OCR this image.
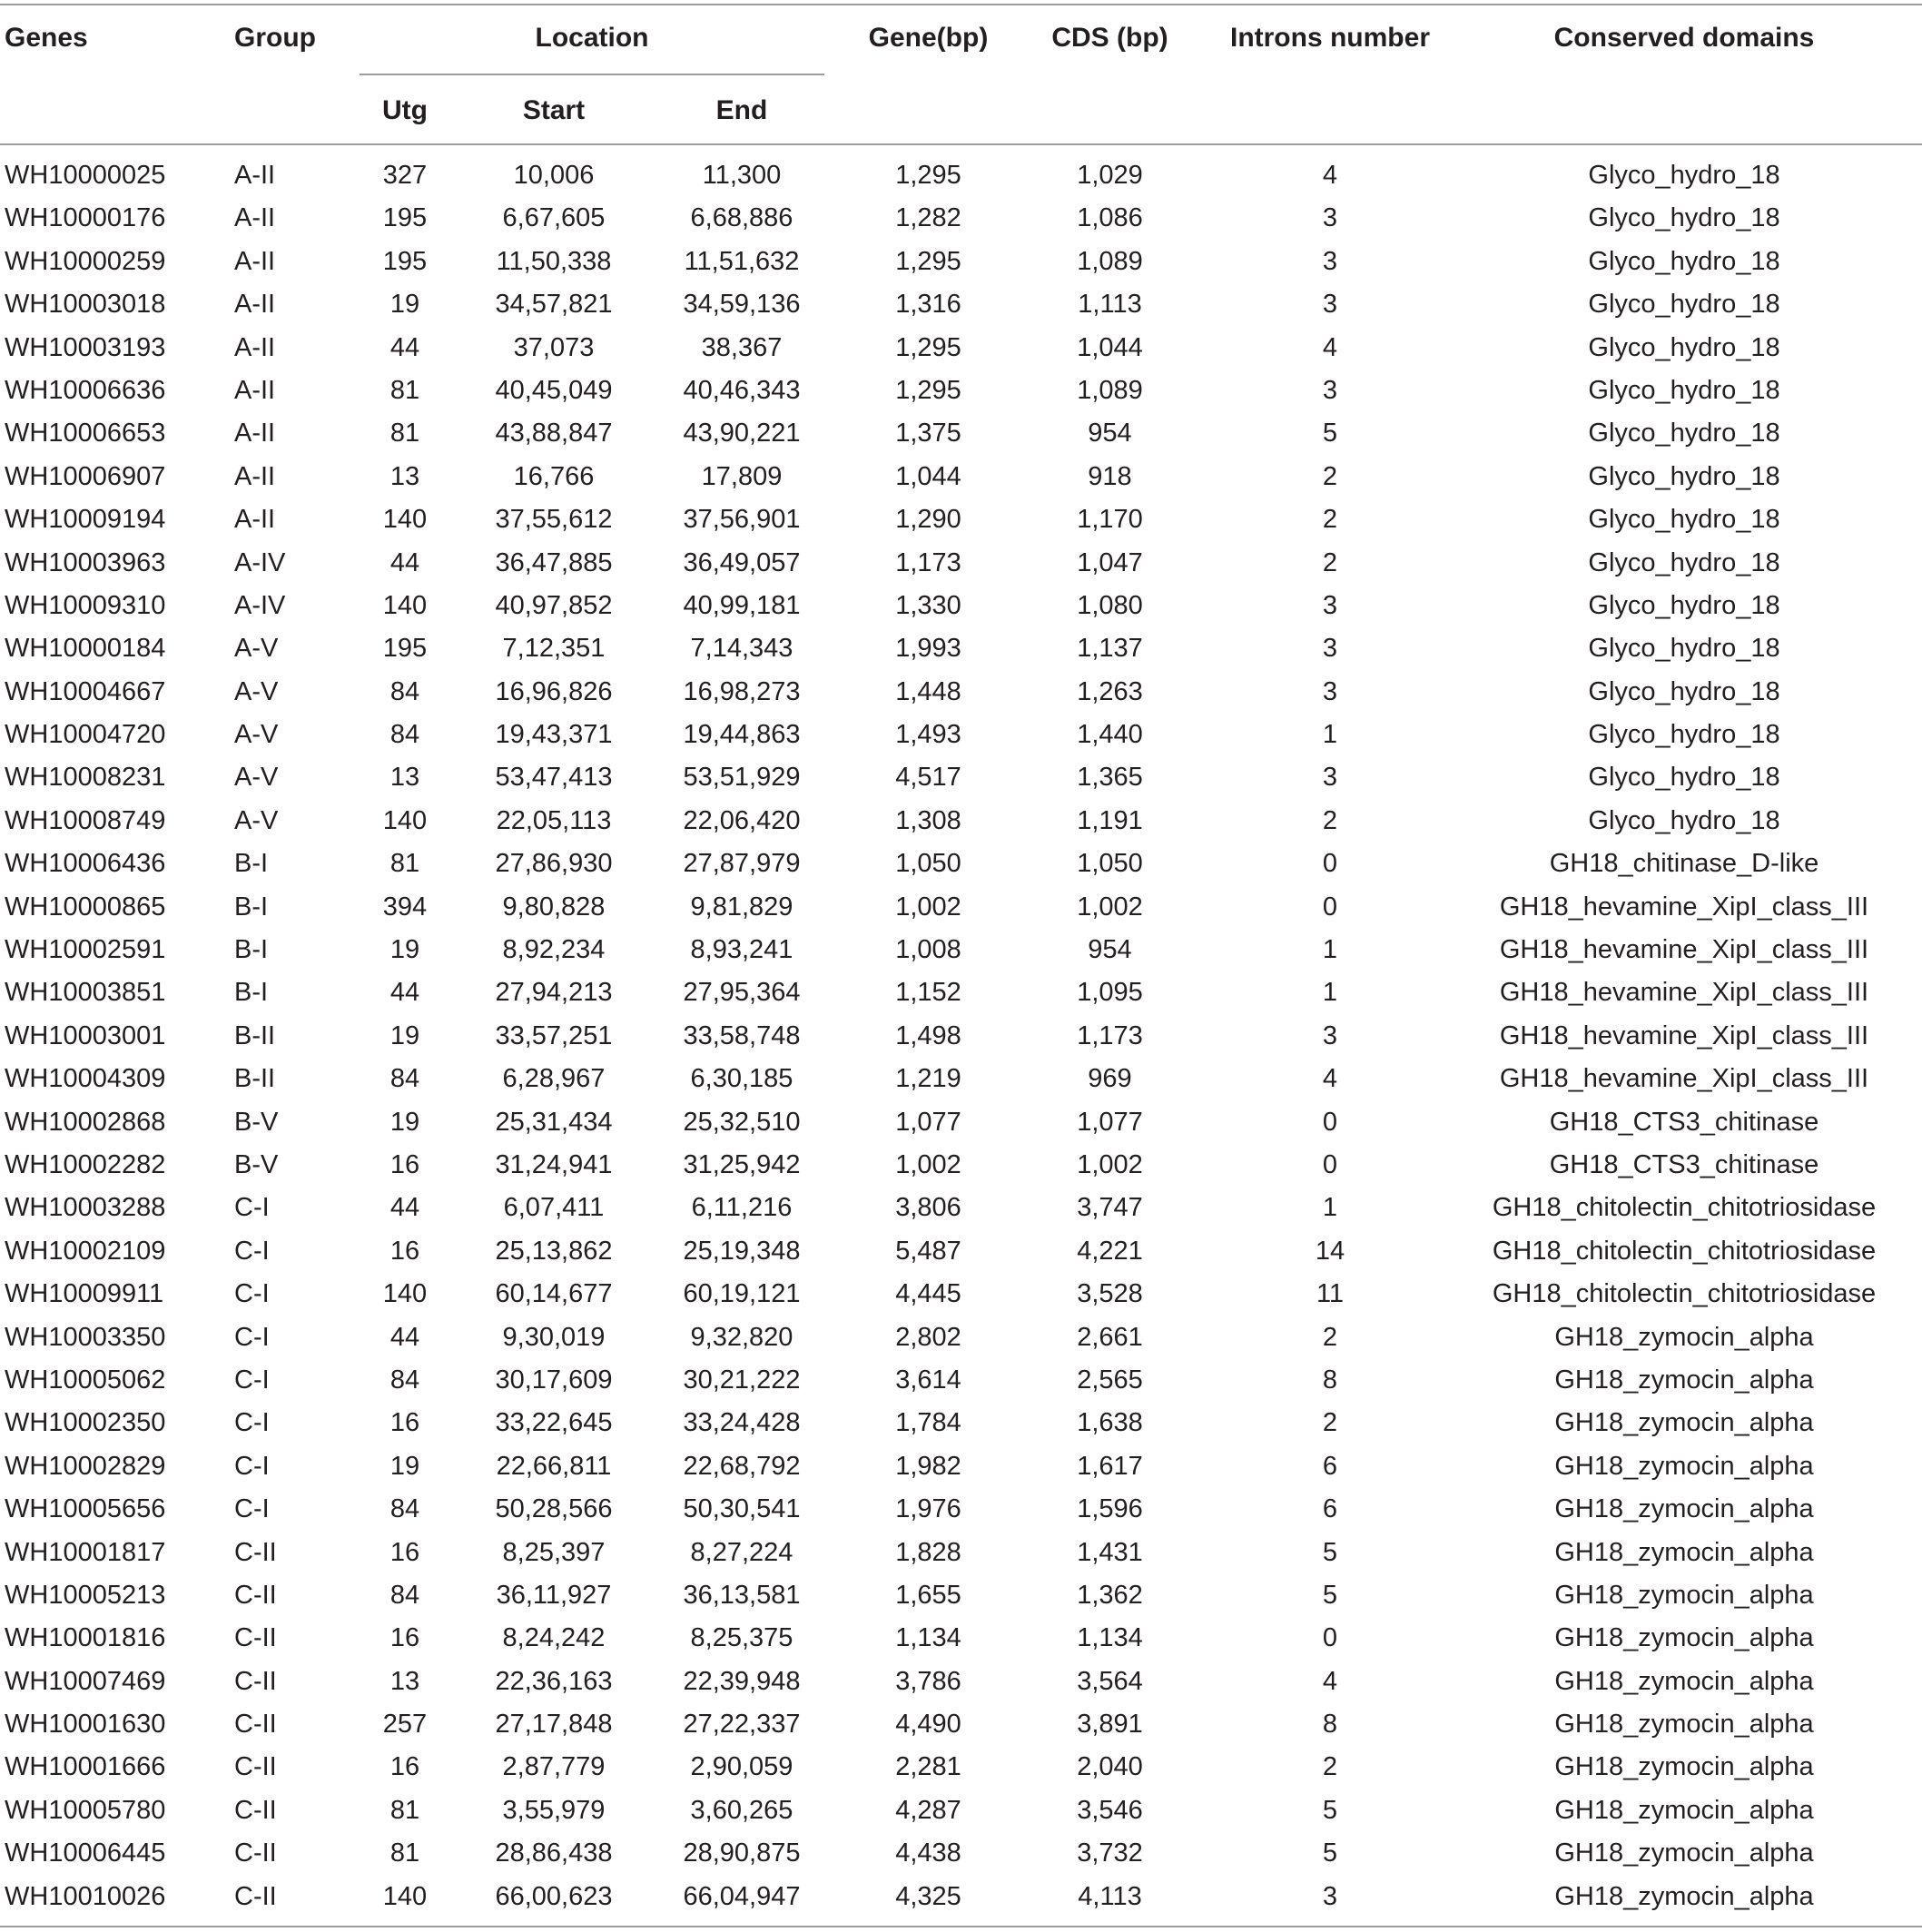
Genes	Group	Location	Gene(bp)	CDS (bp)	Introns number	Conserved domains
Utg	Start	End
WH10000025	A-II	327	10,006	11,300	1,295	1,029	4	Glyco_hydro_18
WH10000176	A-II	195	6,67,605	6,68,886	1,282	1,086	3	Glyco_hydro_18
WH10000259	A-II	195	11,50,338	11,51,632	1,295	1,089	3	Glyco_hydro_18
WH10003018	A-II	19	34,57,821	34,59,136	1,316	1,113	3	Glyco_hydro_18
WH10003193	A-II	44	37,073	38,367	1,295	1,044	4	Glyco_hydro_18
WH10006636	A-II	81	40,45,049	40,46,343	1,295	1,089	3	Glyco_hydro_18
WH10006653	A-II	81	43,88,847	43,90,221	1,375	954	5	Glyco_hydro_18
WH10006907	A-II	13	16,766	17,809	1,044	918	2	Glyco_hydro_18
WH10009194	A-II	140	37,55,612	37,56,901	1,290	1,170	2	Glyco_hydro_18
WH10003963	A-IV	44	36,47,885	36,49,057	1,173	1,047	2	Glyco_hydro_18
WH10009310	A-IV	140	40,97,852	40,99,181	1,330	1,080	3	Glyco_hydro_18
WH10000184	A-V	195	7,12,351	7,14,343	1,993	1,137	3	Glyco_hydro_18
WH10004667	A-V	84	16,96,826	16,98,273	1,448	1,263	3	Glyco_hydro_18
WH10004720	A-V	84	19,43,371	19,44,863	1,493	1,440	1	Glyco_hydro_18
WH10008231	A-V	13	53,47,413	53,51,929	4,517	1,365	3	Glyco_hydro_18
WH10008749	A-V	140	22,05,113	22,06,420	1,308	1,191	2	Glyco_hydro_18
WH10006436	B-I	81	27,86,930	27,87,979	1,050	1,050	0	GH18_chitinase_D-like
WH10000865	B-I	394	9,80,828	9,81,829	1,002	1,002	0	GH18_hevamine_XipI_class_III
WH10002591	B-I	19	8,92,234	8,93,241	1,008	954	1	GH18_hevamine_XipI_class_III
WH10003851	B-I	44	27,94,213	27,95,364	1,152	1,095	1	GH18_hevamine_XipI_class_III
WH10003001	B-II	19	33,57,251	33,58,748	1,498	1,173	3	GH18_hevamine_XipI_class_III
WH10004309	B-II	84	6,28,967	6,30,185	1,219	969	4	GH18_hevamine_XipI_class_III
WH10002868	B-V	19	25,31,434	25,32,510	1,077	1,077	0	GH18_CTS3_chitinase
WH10002282	B-V	16	31,24,941	31,25,942	1,002	1,002	0	GH18_CTS3_chitinase
WH10003288	C-I	44	6,07,411	6,11,216	3,806	3,747	1	GH18_chitolectin_chitotriosidase
WH10002109	C-I	16	25,13,862	25,19,348	5,487	4,221	14	GH18_chitolectin_chitotriosidase
WH10009911	C-I	140	60,14,677	60,19,121	4,445	3,528	11	GH18_chitolectin_chitotriosidase
WH10003350	C-I	44	9,30,019	9,32,820	2,802	2,661	2	GH18_zymocin_alpha
WH10005062	C-I	84	30,17,609	30,21,222	3,614	2,565	8	GH18_zymocin_alpha
WH10002350	C-I	16	33,22,645	33,24,428	1,784	1,638	2	GH18_zymocin_alpha
WH10002829	C-I	19	22,66,811	22,68,792	1,982	1,617	6	GH18_zymocin_alpha
WH10005656	C-I	84	50,28,566	50,30,541	1,976	1,596	6	GH18_zymocin_alpha
WH10001817	C-II	16	8,25,397	8,27,224	1,828	1,431	5	GH18_zymocin_alpha
WH10005213	C-II	84	36,11,927	36,13,581	1,655	1,362	5	GH18_zymocin_alpha
WH10001816	C-II	16	8,24,242	8,25,375	1,134	1,134	0	GH18_zymocin_alpha
WH10007469	C-II	13	22,36,163	22,39,948	3,786	3,564	4	GH18_zymocin_alpha
WH10001630	C-II	257	27,17,848	27,22,337	4,490	3,891	8	GH18_zymocin_alpha
WH10001666	C-II	16	2,87,779	2,90,059	2,281	2,040	2	GH18_zymocin_alpha
WH10005780	C-II	81	3,55,979	3,60,265	4,287	3,546	5	GH18_zymocin_alpha
WH10006445	C-II	81	28,86,438	28,90,875	4,438	3,732	5	GH18_zymocin_alpha
WH10010026	C-II	140	66,00,623	66,04,947	4,325	4,113	3	GH18_zymocin_alpha
